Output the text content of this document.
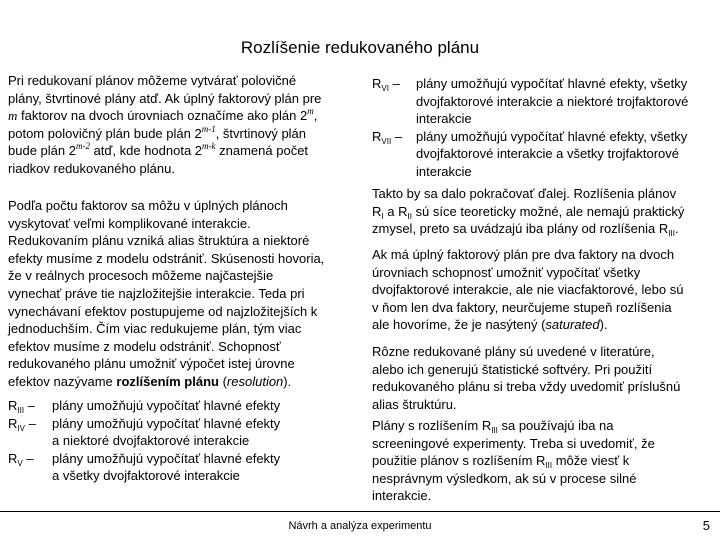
Rozlíšenie redukovaného plánu
Pri redukovaní plánov môžeme vytvárať polovičné
plány, štvrtinové plány atď. Ak úplný faktorový plán pre
m faktorov na dvoch úrovniach označíme ako plán 2$^m$,
potom polovičný plán bude plán 2$^{m-1}$, štvrtinový plán
bude plán 2$^{m-2}$ atď, kde hodnota 2$^{m-k}$ znamená počet
riadkov redukovaného plánu.
Podľa počtu faktorov sa môžu v úplných plánoch
vyskytovať veľmi komplikované interakcie.
Redukovaním plánu vzniká alias štruktúra a niektoré
efekty musíme z modelu odstrániť. Skúsenosti hovoria,
že v reálnych procesoch môžeme najčastejšie
vynechať práve tie najzložitejšie interakcie. Teda pri
vynechávaní efektov postupujeme od najzložitejších k
jednoduchším. Čím viac redukujeme plán, tým viac
efektov musíme z modelu odstrániť. Schopnosť
redukovaného plánu umožniť výpočet istej úrovne
efektov nazývame rozlíšením plánu (resolution).
$R_{III}$ –	plány umožňujú vypočítať hlavné efekty
$R_{IV}$ –	plány umožňujú vypočítať hlavné efekty
a niektoré dvojfaktorové interakcie
$R_V$ –	plány umožňujú vypočítať hlavné efekty
a všetky dvojfaktorové interakcie
$R_{VI}$ –	plány umožňujú vypočítať hlavné efekty, všetky
dvojfaktorové interakcie a niektoré trojfaktorové
interakcie
$R_{VII}$ –	plány umožňujú vypočítať hlavné efekty, všetky
dvojfaktorové interakcie a všetky trojfaktorové
interakcie
Takto by sa dalo pokračovať ďalej. Rozlíšenia plánov
$R_I$ a $R_{II}$ sú síce teoreticky možné, ale nemajú praktický
zmysel, preto sa uvádzajú iba plány od rozlíšenia $R_{III}$.
Ak má úplný faktorový plán pre dva faktory na dvoch
úrovniach schopnosť umožniť vypočítať všetky
dvojfaktorové interakcie, ale nie viacfaktorové, lebo sú
v ňom len dva faktory, neurčujeme stupeň rozlíšenia
ale hovoríme, že je nasýtený (saturated).
Rôzne redukované plány sú uvedené v literatúre,
alebo ich generujú štatistické softvéry. Pri použití
redukovaného plánu si treba vždy uvedomiť príslušnú
alias štruktúru.
Plány s rozlíšením $R_{III}$ sa používajú iba na
screeningové experimenty. Treba si uvedomiť, že
použitie plánov s rozlíšením $R_{III}$ môže viesť k
nesprávnym výsledkom, ak sú v procese silné
interakcie.
Návrh a analýza experimentu	5
